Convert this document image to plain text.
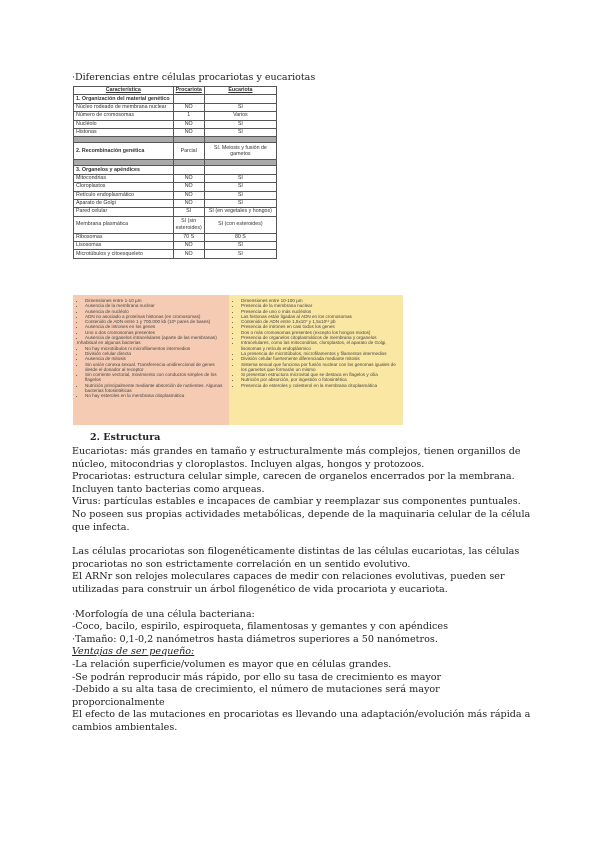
·Diferencias entre células procariotas y eucariotas
Característica	Procariota	Eucariota
1. Organización del material genético		
Núcleo rodeado de membrana nuclear	NO	SI
Número de cromosomas	1	Varios
Nucléolo	NO	SI
Histonas	NO	SI

2. Recombinación genética	Parcial	SI. Meiosis y fusión de gametos

3. Organelos y apéndices		
Mitocondrias	NO	SI
Cloroplastos	NO	SI
Retículo endoplasmático	NO	SI
Aparato de Golgi	NO	SI
Pared celular	SI	SI (en vegetales y hongos)
Membrana plasmática	SI (sin esteroides)	SI (con esteroides)
Ribosomas	70 S	80 S
Lisosomas	NO	SI
Microtúbulos y citoesqueleto	NO	SI
• Dimensiones entre 1-10 µm
• Ausencia de la membrana nuclear
• Ausencia de nucléolo
• ADN no asociado a proteínas histonas (en cromosomas)
• Contenido de ADN entre 1 y 700.000 kb (10⁶ pares de bases)
• Ausencia de intrones en los genes
• Uno o dos cromosomas presentes
• Ausencia de organelos intracelulares (aparte de las membranas)
Inhabitual en algunas bacterias
• No hay microtúbulos ni microfilamentos intermedios
• División celular directa
• Ausencia de mitosis
• Sin unión conexa sexual. Transferencia unidireccional de genes desde el donador al receptor
• Sin corriente vectorial, movimiento con conductos simples de los flagelos
• Nutrición principalmente mediante absorción de nutrientes. Algunas bacterias fotosintéticas
• No hay esteroles en la membrana citoplasmática
• Dimensiones entre 10-100 µm
• Presencia de la membrana nuclear
• Presencia de uno o más nucléolos
• Las histonas están ligadas al ADN en los cromosomas
• Contenido de ADN entre 1,5x10⁷ y 1,5x10¹¹ pb
• Presencia de intrones en casi todos los genes
• Dos o más cromosomas presentes (excepto los hongos mixtos)
• Presencia de organelos citoplasmáticos de membrana y organelos
• Intracelulares, como las mitocondrias, cloroplastos, el aparato de Golgi, lisosomas y retículo endoplásmico
• La presencia de microtúbulos, microfilamentos y filamentos intermedios
• División celular fuertemente diferenciada mediante mitosis
• Sistema sexual que funciona por fusión nuclear con los genomas iguales de los gametos que formarán un mismo
• Si presentan estructura microvital que se destaca en flagelos y cilia
• Nutrición por absorción, por ingestión o fotosintética
• Presencia de esteroles y colesterol en la membrana citoplasmática
2. Estructura

Eucariotas: más grandes en tamaño y estructuralmente más complejos, tienen organillos de núcleo, mitocondrias y cloroplastos. Incluyen algas, hongos y protozoos.

Procariotas: estructura celular simple, carecen de organelos encerrados por la membrana. Incluyen tanto bacterias como arqueas.

Virus: partículas estables e incapaces de cambiar y reemplazar sus componentes puntuales. No poseen sus propias actividades metabólicas, depende de la maquinaria celular de la célula que infecta.

Las células procariotas son filogenéticamente distintas de las células eucariotas, las células procariotas no son estrictamente correlación en un sentido evolutivo.

El ARNr son relojes moleculares capaces de medir con relaciones evolutivas, pueden ser utilizadas para construir un árbol filogenético de vida procariota y eucariota.

·Morfología de una célula bacteriana:

-Coco, bacilo, espirilo, espiroqueta, filamentosas y gemantes y con apéndices

·Tamaño: 0,1-0,2 nanómetros hasta diámetros superiores a 50 nanómetros.

Ventajas de ser pequeño:

-La relación superficie/volumen es mayor que en células grandes.

-Se podrán reproducir más rápido, por ello su tasa de crecimiento es mayor

-Debido a su alta tasa de crecimiento, el número de mutaciones será mayor proporcionalmente

El efecto de las mutaciones en procariotas es llevando una adaptación/evolución más rápida a cambios ambientales.
